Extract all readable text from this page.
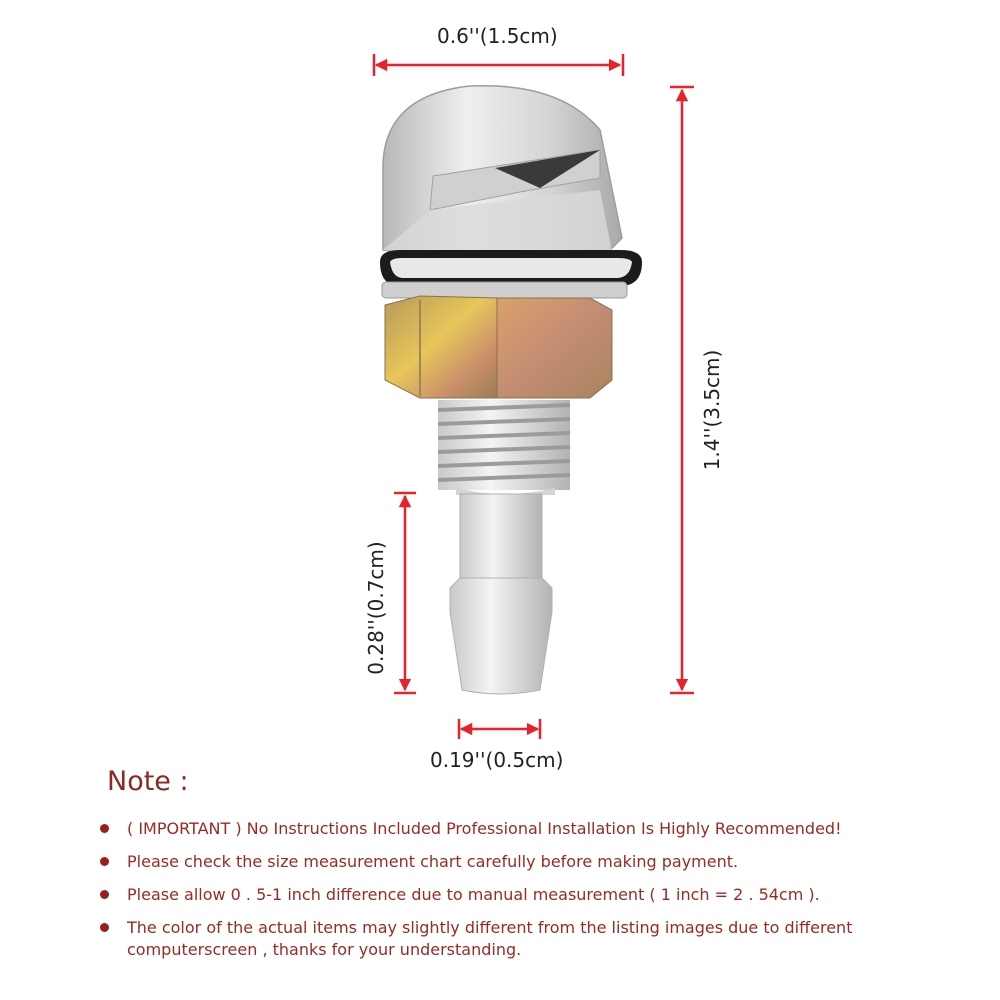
0.6''(1.5cm)
1.4''(3.5cm)
0.28''(0.7cm)
0.19''(0.5cm)
Note :
( IMPORTANT ) No Instructions Included Professional Installation Is Highly Recommended!
Please check the size measurement chart carefully before making payment.
Please allow 0 . 5-1 inch difference due to manual measurement ( 1 inch = 2 . 54cm ).
The color of the actual items may slightly different from the listing images due to different computerscreen , thanks for your understanding.
